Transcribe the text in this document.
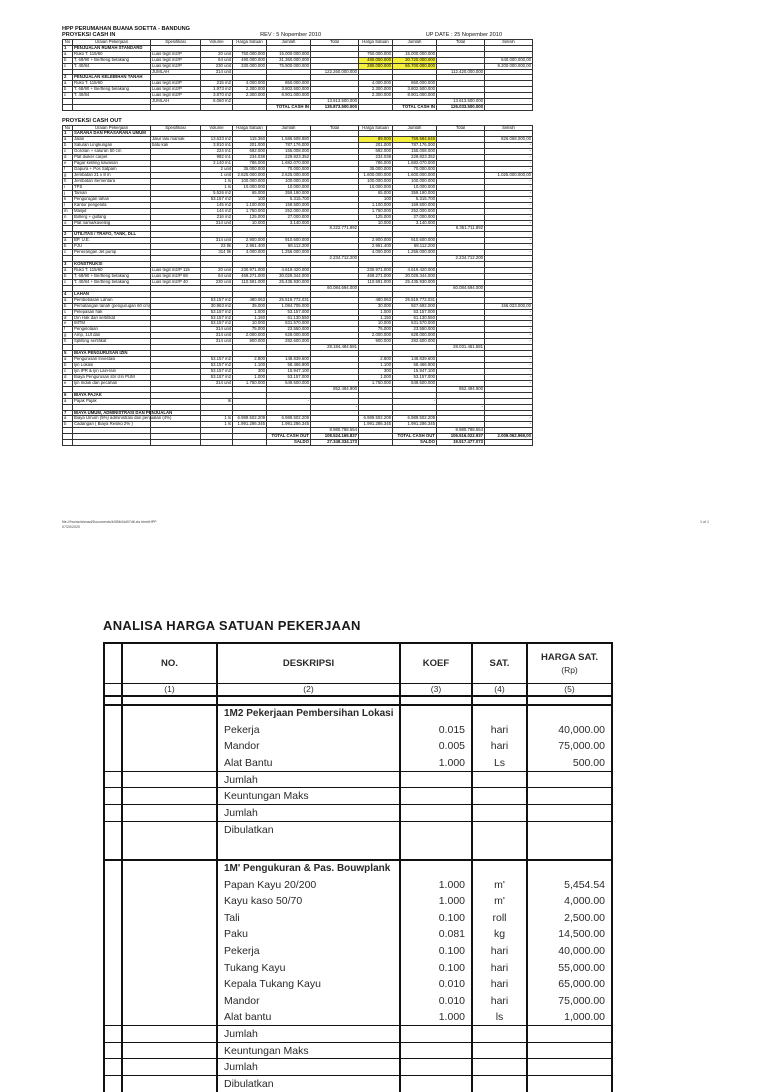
HPP PERUMAHAN BUANA SOETTA - BANDUNG
PROYEKSI CASH IN	REV : 5 Nopember 2010	UP DATE : 25 Nopember 2010
No	Uraian Pekerjaan	Spesifikasi	Volume	Harga Satuan	Jumlah	Total	Harga Satuan	Jumlah	Total	Selisih
1	PENJUALAN RUMAH STANDARD									
a	Rukó T. 115/60	Luas tegit m2/P	20 unit	750.000.000	15.000.000.000		750.000.000	15.000.000.000		
b	T. 68/90 + Bertteng belakang	Luas tegit m2/P	64 unit	490.000.000	31.360.000.000		480.000.000	30.720.000.000		640.000.000,00
c	T. 40/84	Luas tegit m2/P	230 unit	330.000.000	75.900.000.000		280.000.000	66.700.000.000		9.200.000.000,00
		JUMLAH	314 unit			122.260.000.000			112.420.000.000	
2	PENJUALAN KELEBIHAN TANAH									
a	Rukó T. 115/60	Luas tegit m2/P	215 m2	4.000.000	860.000.000		4.000.000	860.000.000		
b	T. 68/90 + Bertteng belakang	Luas tegit m2/P	1.973 m2	2.300.000	3.802.500.000		2.300.000	3.802.500.000		
c	T. 40/84	Luas tegit m2/P	3.870 m2	2.300.000	8.901.000.000		2.300.000	8.901.000.000		
		JUMLAH	6.060 m2			13.613.500.000			13.613.500.000	
					TOTAL CASH IN	135.873.500.000		TOTAL CASH IN	126.033.500.000	
PROYEKSI CASH OUT
No	Uraian Pekerjaan	Spesifikasi	Volume	Harga Satuan	Jumlah	Total	Harga Satuan	Jumlah	Total	Selisih
1	SARANA DAN PRASARANA UMUM									
a	Jalan	Jalur lalu mamak	13.633 m2	115.360	1.586.608.880		89.000	759.584.646		826.068.000,00
b	Saluran Lingkungan	batu kali	3.910 m1	201.000	787.176.000		201.000	787.176.000		-
c	Gorotan + saluran 50 cm		224 m1	692.000	155.008.000		692.000	155.008.000		-
d	Plat duiker carpet		982 m1	234.038	229.823.352		234.038	229.823.352		-
e	Pagar keliling kawasan		2.140 m1	786.000	1.682.070.000		786.000	1.682.070.000		-
f	Gapura + Pos Satpam		2 unit	35.000.000	70.000.000		35.000.000	70.000.000		-
g	Jembatan 21 x 8 m		1 unit	2.625.000.000	2.625.000.000		1.600.000.000	1.600.000.000		1.025.000.000,00
h	Jembatan Sementara		1 ls	100.000.000	100.000.000		100.000.000	100.000.000		-
i	TPS		1 ls	10.000.000	10.000.000		10.000.000	10.000.000		-
j	Taman		5.526 m2	65.000	359.190.000		65.000	359.190.000		-
k	Pengurugan lahan		53.157 m2	100	5.315.700		100	5.315.700		-
l	Kantor pengelola		145 m2	1.100.000	159.500.000		1.100.000	159.500.000		-
m	Masjid		144 m2	1.750.000	252.000.000		1.750.000	252.000.000		-
n	Bollerg + gullang		216 m2	125.000	27.000.000		125.000	27.000.000		-
o	Plat nama/kaveling		314 unit	10.000	3.140.000		10.000	3.140.000		-
						8.222.771.892			6.351.711.892	
2	UTILITAS / TRAFO, TANK, DLL									
a	BP. U.E.		314 unit	2.900.000	910.600.000		2.900.000	910.600.000		-
b	PJU		23 tlk	2.961.400	68.112.200		2.961.400	68.112.200		-
c	Penerangan Jet pump		314 tlk	4.000.000	1.256.000.000		4.000.000	1.256.000.000		-
						2.234.712.200			2.234.712.200	
3	KONSTRUKSI									
a	Rukó T. 115/60	Luas tegit m2/P 115	20 unit	230.971.000	4.619.420.000		230.971.000	4.619.420.000		-
b	T. 68/90 + Bertteng belakang	Luas tegit m2/P 68	64 unit	469.271.000	30.029.344.000		469.271.000	30.029.344.000		-
c	T. 40/84 + Bertteng belakang	Luas tegit m2/P 40	230 unit	110.591.000	25.435.930.000		110.591.000	25.435.930.000		-
						60.084.694.000			60.084.694.000	
4	LAHAN									
a	Pembebasan Lahan		53.157 m2	480.063	25.519.772.031		480.063	25.519.772.031		-
b	Pematangan tanah (pengurugan 60 cm)		30.963 m2	35.000	1.084.705.000		30.000	927.692.000		156.023.000,00
c	Pelepasan hak		53.157 m2	1.000	53.157.000		1.000	53.157.000		-
d	Izin Hak dan sertifikat		53.157 m2	1.150	61.130.550		1.150	61.130.550		-
e	IMTM		53.157 m2	10.000	531.570.000		10.000	531.570.000		-
f	Pengelolaan		314 unit	75.000	23.550.000		75.000	23.550.000		-
g	Amp, 1Ut dan		314 unit	2.000.000	628.000.000		2.000.000	628.000.000		-
h	Splitting sertifikat		314 unit	900.000	282.600.000		900.000	282.600.000		-
						28.184.484.581			28.031.461.581	
5	BIAYA PENGURUSAN IZIN									
a	Pengurusan Investasi		53.157 m2	2.800	148.839.600		2.800	148.839.600		-
b	Ijin Lokasi		53.157 m2	1.100	58.466.900		1.100	58.466.900		-
c	Ijin IPR & Ijin Lain-lain		53.157 m2	300	15.947.100		300	15.947.100		-
d	Biaya Pengurusan sbr izin PUM		53.157 m2	1.000	53.157.000		1.000	53.157.000		-
e	Ijin Induk dan pecahan		314 unit	1.750.000	549.500.000		1.750.000	549.500.000		-
						852.494.900			852.494.900	
6	BIAYA PAJAK									
a	Pajak Pajak		lk		-			-		
						-			-	
7	BIAYA UMUM, ADMINISTRASI DAN PENJUALAN									
a	Biaya Umum (5%) administrasi dan penjualan (4%)		1 ls	6.989.502.209	6.989.502.209		6.989.502.209	6.989.502.209		-
b	Cadangan ( Biaya Resiko 2% )		1 ls	1.991.286.345	1.991.286.345		1.991.286.345	1.991.286.345		-
						8.980.788.554			8.980.788.554	
					TOTAL CASH OUT	108.524.165.837		TOTAL CASH OUT	106.516.022.937	2.009.062.969,00
					SALDO	27.349.334.173		SALDO	19.517.477.073	
file:///home/ahmad/Documents/b3f5644d07d6.xls.htm#HPP
07/20/2020
1 of 1
ANALISA HARGA SATUAN PEKERJAAN
	NO.	DESKRIPSI	KOEF	SAT.	HARGA SAT.
(Rp)

	(1)	(2)	(3)	(4)	(5)

		1M2 Pekerjaan Pembersihan Lokasi			
		Pekerja	0.015	hari	40,000.00
		Mandor	0.005	hari	75,000.00
		Alat Bantu	1.000	Ls	500.00
		Jumlah			
		Keuntungan Maks			
		Jumlah			
		Dibulatkan			

		1M' Pengukuran & Pas. Bouwplank			
		Papan Kayu 20/200	1.000	m'	5,454.54
		Kayu kaso 50/70	1.000	m'	4,000.00
		Tali	0.100	roll	2,500.00
		Paku	0.081	kg	14,500.00
		Pekerja	0.100	hari	40,000.00
		Tukang Kayu	0.100	hari	55,000.00
		Kepala Tukang Kayu	0.010	hari	65,000.00
		Mandor	0.010	hari	75,000.00
		Alat bantu	1.000	ls	1,000.00
		Jumlah			
		Keuntungan Maks			
		Jumlah			
		Dibulatkan			
